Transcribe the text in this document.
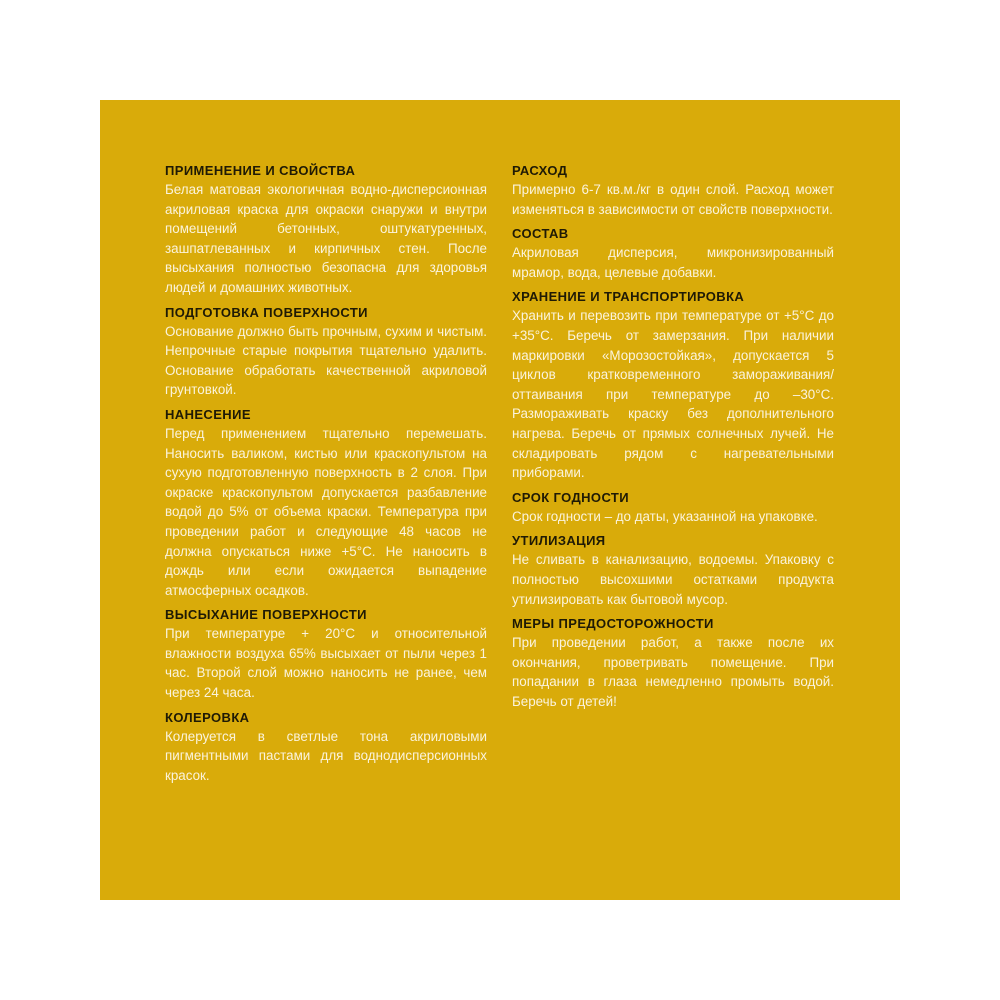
ПРИМЕНЕНИЕ И СВОЙСТВА

Белая матовая экологичная водно-дисперсионная акриловая краска для окраски снаружи и внутри помещений бетонных, оштукатуренных, зашпатлеванных и кирпичных стен. После высыхания полностью безопасна для здоровья людей и домашних животных.

ПОДГОТОВКА ПОВЕРХНОСТИ

Основание должно быть прочным, сухим и чистым. Непрочные старые покрытия тщательно удалить. Основание обработать качественной акриловой грунтовкой.

НАНЕСЕНИЕ

Перед применением тщательно перемешать. Наносить валиком, кистью или краскопультом на сухую подготовленную поверхность в 2 слоя. При окраске краскопультом допускается разбавление водой до 5% от объема краски. Температура при проведении работ и следующие 48 часов не должна опускаться ниже +5°С. Не наносить в дождь или если ожидается выпадение атмосферных осадков.

ВЫСЫХАНИЕ ПОВЕРХНОСТИ

При температуре + 20°С и относительной влажности воздуха 65% высыхает от пыли через 1 час. Второй слой можно наносить не ранее, чем через 24 часа.

КОЛЕРОВКА

Колеруется в светлые тона акриловыми пигментными пастами для воднодисперсионных красок.

РАСХОД

Примерно 6-7 кв.м./кг в один слой. Расход может изменяться в зависимости от свойств поверхности.

СОСТАВ

Акриловая дисперсия, микронизированный мрамор, вода, целевые добавки.

ХРАНЕНИЕ И ТРАНСПОРТИРОВКА

Хранить и перевозить при температуре от +5°С до +35°С. Беречь от замерзания. При наличии маркировки «Морозостойкая», допускается 5 циклов кратковременного замораживания/оттаивания при температуре до –30°С. Размораживать краску без дополнительного нагрева. Беречь от прямых солнечных лучей. Не складировать рядом с нагревательными приборами.

СРОК ГОДНОСТИ

Срок годности – до даты, указанной на упаковке.

УТИЛИЗАЦИЯ

Не сливать в канализацию, водоемы. Упаковку с полностью высохшими остатками продукта утилизировать как бытовой мусор.

МЕРЫ ПРЕДОСТОРОЖНОСТИ

При проведении работ, а также после их окончания, проветривать помещение. При попадании в глаза немедленно промыть водой. Беречь от детей!
